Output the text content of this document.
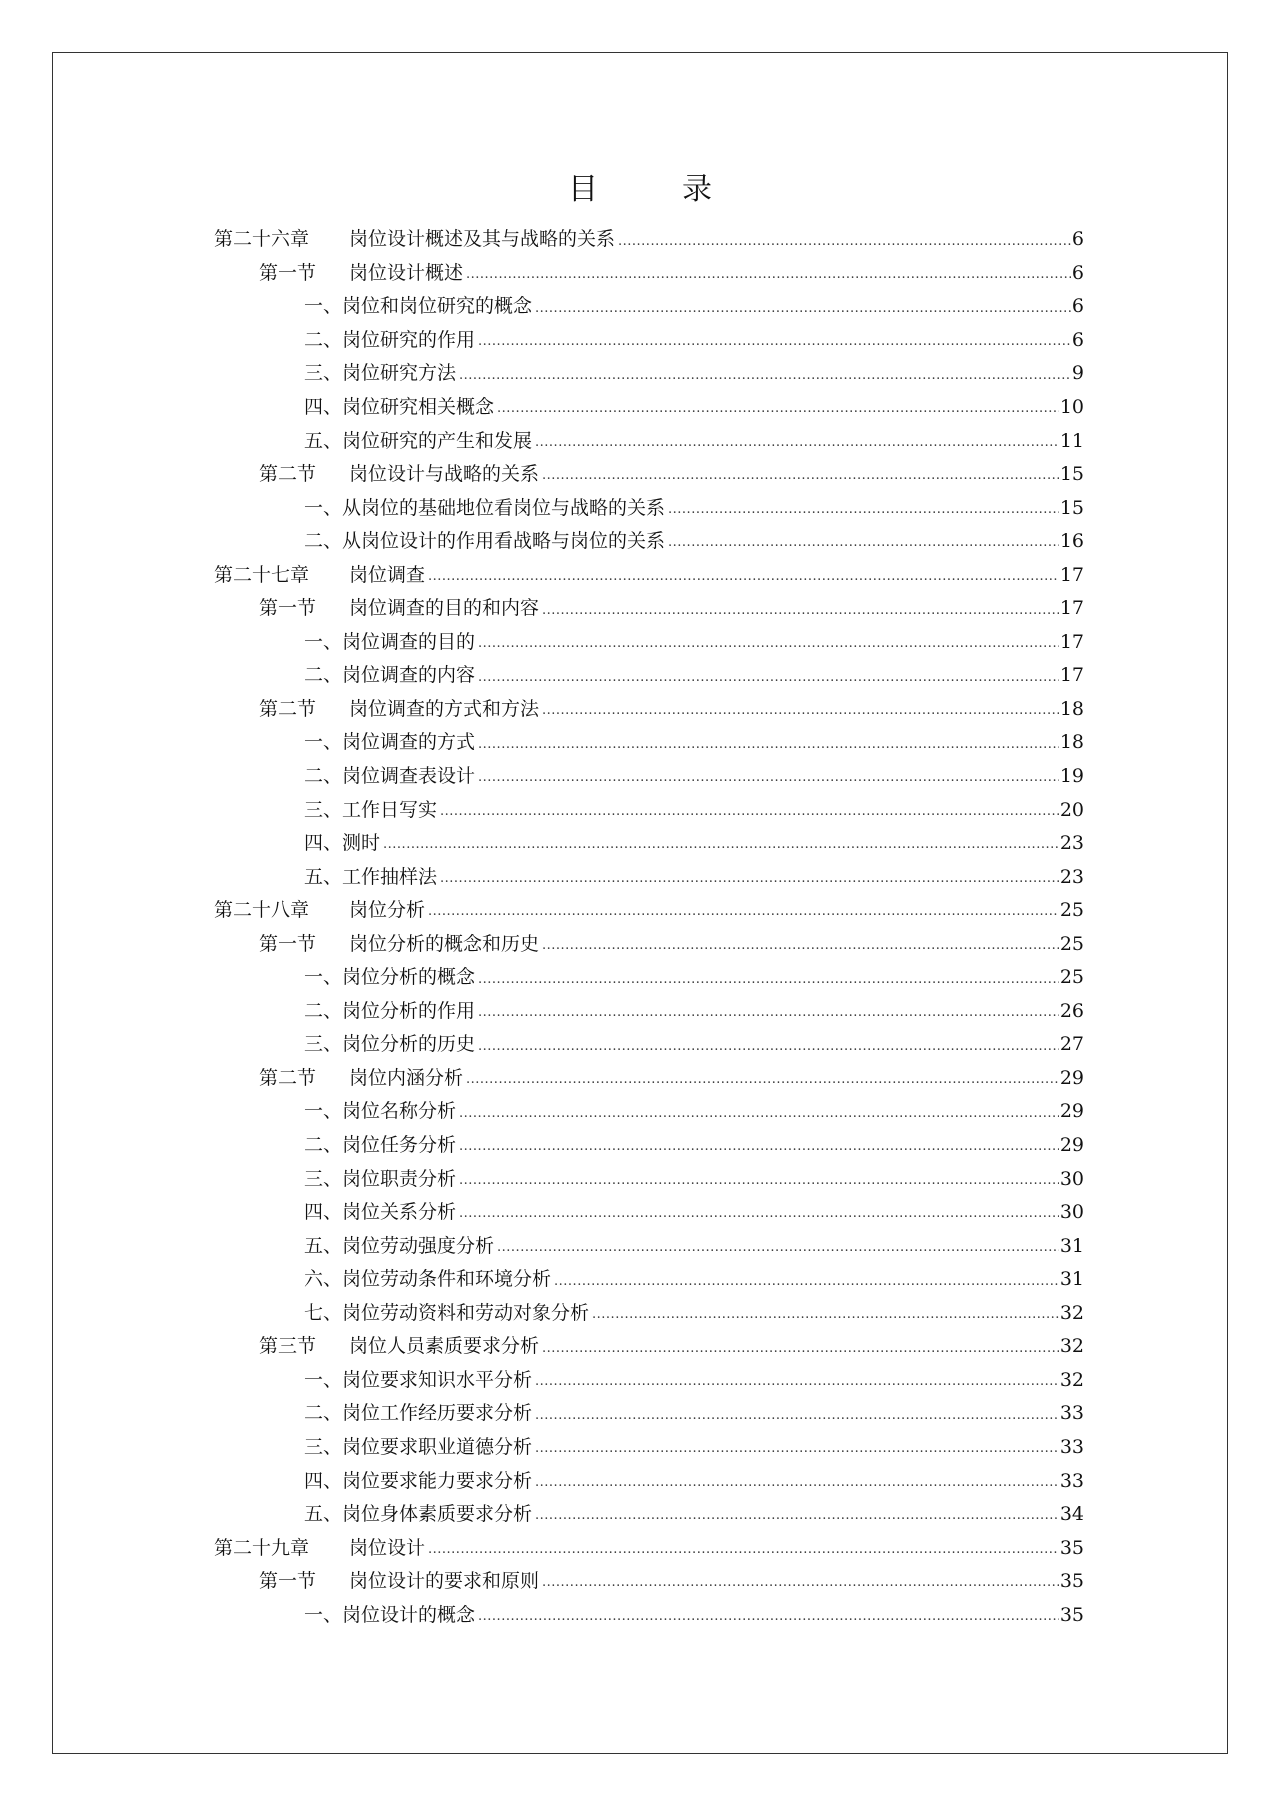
目	录
第二十六章	岗位设计概述及其与战略的关系 .....	6
第一节	岗位设计概述 .....	6
一、 岗位和岗位研究的概念 .....	6
二、 岗位研究的作用 .....	6
三、 岗位研究方法 .....	9
四、 岗位研究相关概念 .....	10
五、 岗位研究的产生和发展 .....	11
第二节	岗位设计与战略的关系 .....	15
一、 从岗位的基础地位看岗位与战略的关系 .....	15
二、 从岗位设计的作用看战略与岗位的关系 .....	16
第二十七章	岗位调查 .....	17
第一节	岗位调查的目的和内容 .....	17
一、 岗位调查的目的 .....	17
二、 岗位调查的内容 .....	17
第二节	岗位调查的方式和方法 .....	18
一、 岗位调查的方式 .....	18
二、 岗位调查表设计 .....	19
三、 工作日写实 .....	20
四、 测时 .....	23
五、 工作抽样法 .....	23
第二十八章	岗位分析 .....	25
第一节	岗位分析的概念和历史 .....	25
一、 岗位分析的概念 .....	25
二、 岗位分析的作用 .....	26
三、 岗位分析的历史 .....	27
第二节	岗位内涵分析 .....	29
一、 岗位名称分析 .....	29
二、 岗位任务分析 .....	29
三、 岗位职责分析 .....	30
四、 岗位关系分析 .....	30
五、 岗位劳动强度分析 .....	31
六、 岗位劳动条件和环境分析 .....	31
七、 岗位劳动资料和劳动对象分析 .....	32
第三节	岗位人员素质要求分析 .....	32
一、 岗位要求知识水平分析 .....	32
二、 岗位工作经历要求分析 .....	33
三、 岗位要求职业道德分析 .....	33
四、 岗位要求能力要求分析 .....	33
五、 岗位身体素质要求分析 .....	34
第二十九章	岗位设计 .....	35
第一节	岗位设计的要求和原则 .....	35
一、 岗位设计的概念 .....	35
